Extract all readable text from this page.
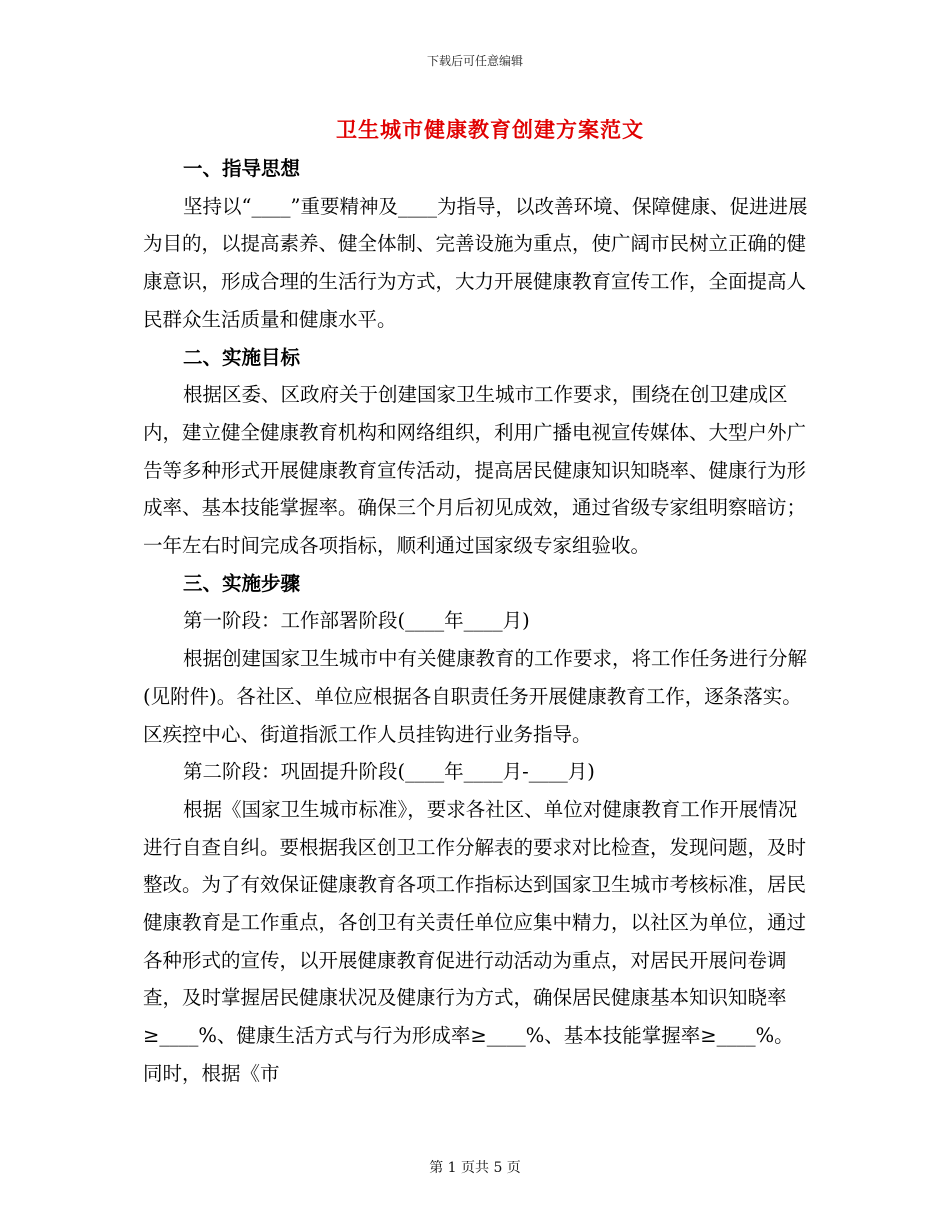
下载后可任意编辑
卫生城市健康教育创建方案范文

一、指导思想

坚持以“____”重要精神及____为指导，以改善环境、保障健康、促进进展为目的，以提高素养、健全体制、完善设施为重点，使广阔市民树立正确的健康意识，形成合理的生活行为方式，大力开展健康教育宣传工作，全面提高人民群众生活质量和健康水平。

二、实施目标

根据区委、区政府关于创建国家卫生城市工作要求，围绕在创卫建成区内，建立健全健康教育机构和网络组织，利用广播电视宣传媒体、大型户外广告等多种形式开展健康教育宣传活动，提高居民健康知识知晓率、健康行为形成率、基本技能掌握率。确保三个月后初见成效，通过省级专家组明察暗访；一年左右时间完成各项指标，顺利通过国家级专家组验收。

三、实施步骤

第一阶段：工作部署阶段(____年____月)

根据创建国家卫生城市中有关健康教育的工作要求，将工作任务进行分解(见附件)。各社区、单位应根据各自职责任务开展健康教育工作，逐条落实。区疾控中心、街道指派工作人员挂钩进行业务指导。

第二阶段：巩固提升阶段(____年____月-____月)

根据《国家卫生城市标准》，要求各社区、单位对健康教育工作开展情况进行自查自纠。要根据我区创卫工作分解表的要求对比检查，发现问题，及时整改。为了有效保证健康教育各项工作指标达到国家卫生城市考核标准，居民健康教育是工作重点，各创卫有关责任单位应集中精力，以社区为单位，通过各种形式的宣传，以开展健康教育促进行动活动为重点，对居民开展问卷调查，及时掌握居民健康状况及健康行为方式，确保居民健康基本知识知晓率≥____%、健康生活方式与行为形成率≥____%、基本技能掌握率≥____%。同时，根据《市

第 1 页共 5 页
